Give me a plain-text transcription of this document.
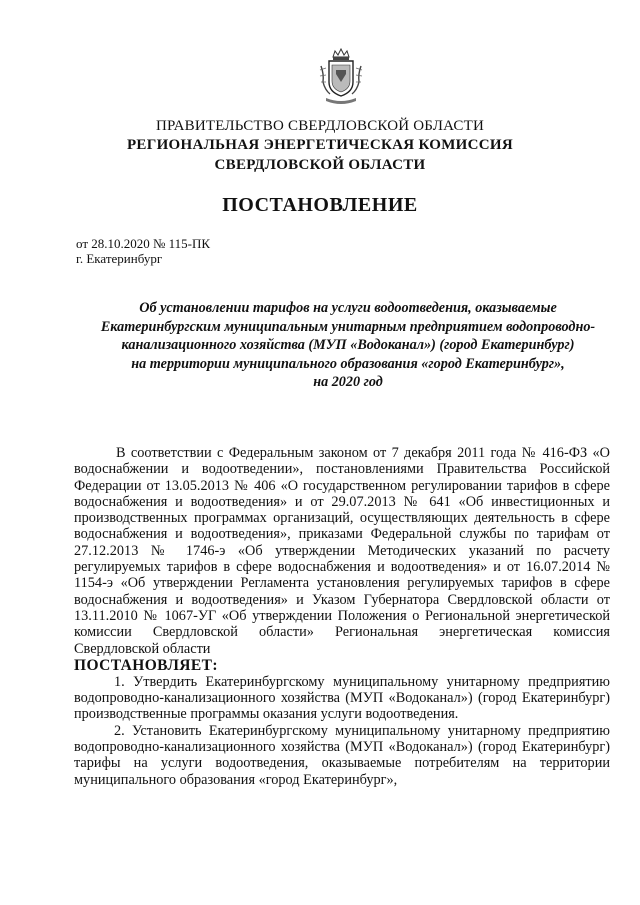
ПРАВИТЕЛЬСТВО СВЕРДЛОВСКОЙ ОБЛАСТИ
РЕГИОНАЛЬНАЯ ЭНЕРГЕТИЧЕСКАЯ КОМИССИЯ
СВЕРДЛОВСКОЙ ОБЛАСТИ
ПОСТАНОВЛЕНИЕ
от 28.10.2020 № 115-ПК
г. Екатеринбург
Об установлении тарифов на услуги водоотведения, оказываемые
Екатеринбургским муниципальным унитарным предприятием водопроводно-
канализационного хозяйства (МУП «Водоканал») (город Екатеринбург)
на территории муниципального образования «город Екатеринбург»,
на 2020 год

В соответствии с Федеральным законом от 7 декабря 2011 года № 416-ФЗ «О водоснабжении и водоотведении», постановлениями Правительства Российской Федерации от 13.05.2013 № 406 «О государственном регулировании тарифов в сфере водоснабжения и водоотведения» и от 29.07.2013 № 641 «Об инвестиционных и производственных программах организаций, осуществляющих деятельность в сфере водоснабжения и водоотведения», приказами Федеральной службы по тарифам от 27.12.2013 № 1746-э «Об утверждении Методических указаний по расчету регулируемых тарифов в сфере водоснабжения и водоотведения» и от 16.07.2014 № 1154-э «Об утверждении Регламента установления регулируемых тарифов в сфере водоснабжения и водоотведения» и Указом Губернатора Свердловской области от 13.11.2010 № 1067-УГ «Об утверждении Положения о Региональной энергетической комиссии Свердловской области» Региональная энергетическая комиссия Свердловской области

ПОСТАНОВЛЯЕТ:

1. Утвердить Екатеринбургскому муниципальному унитарному предприятию водопроводно-канализационного хозяйства (МУП «Водоканал») (город Екатеринбург) производственные программы оказания услуги водоотведения.

2. Установить Екатеринбургскому муниципальному унитарному предприятию водопроводно-канализационного хозяйства (МУП «Водоканал») (город Екатеринбург) тарифы на услуги водоотведения, оказываемые потребителям на территории муниципального образования «город Екатеринбург»,
